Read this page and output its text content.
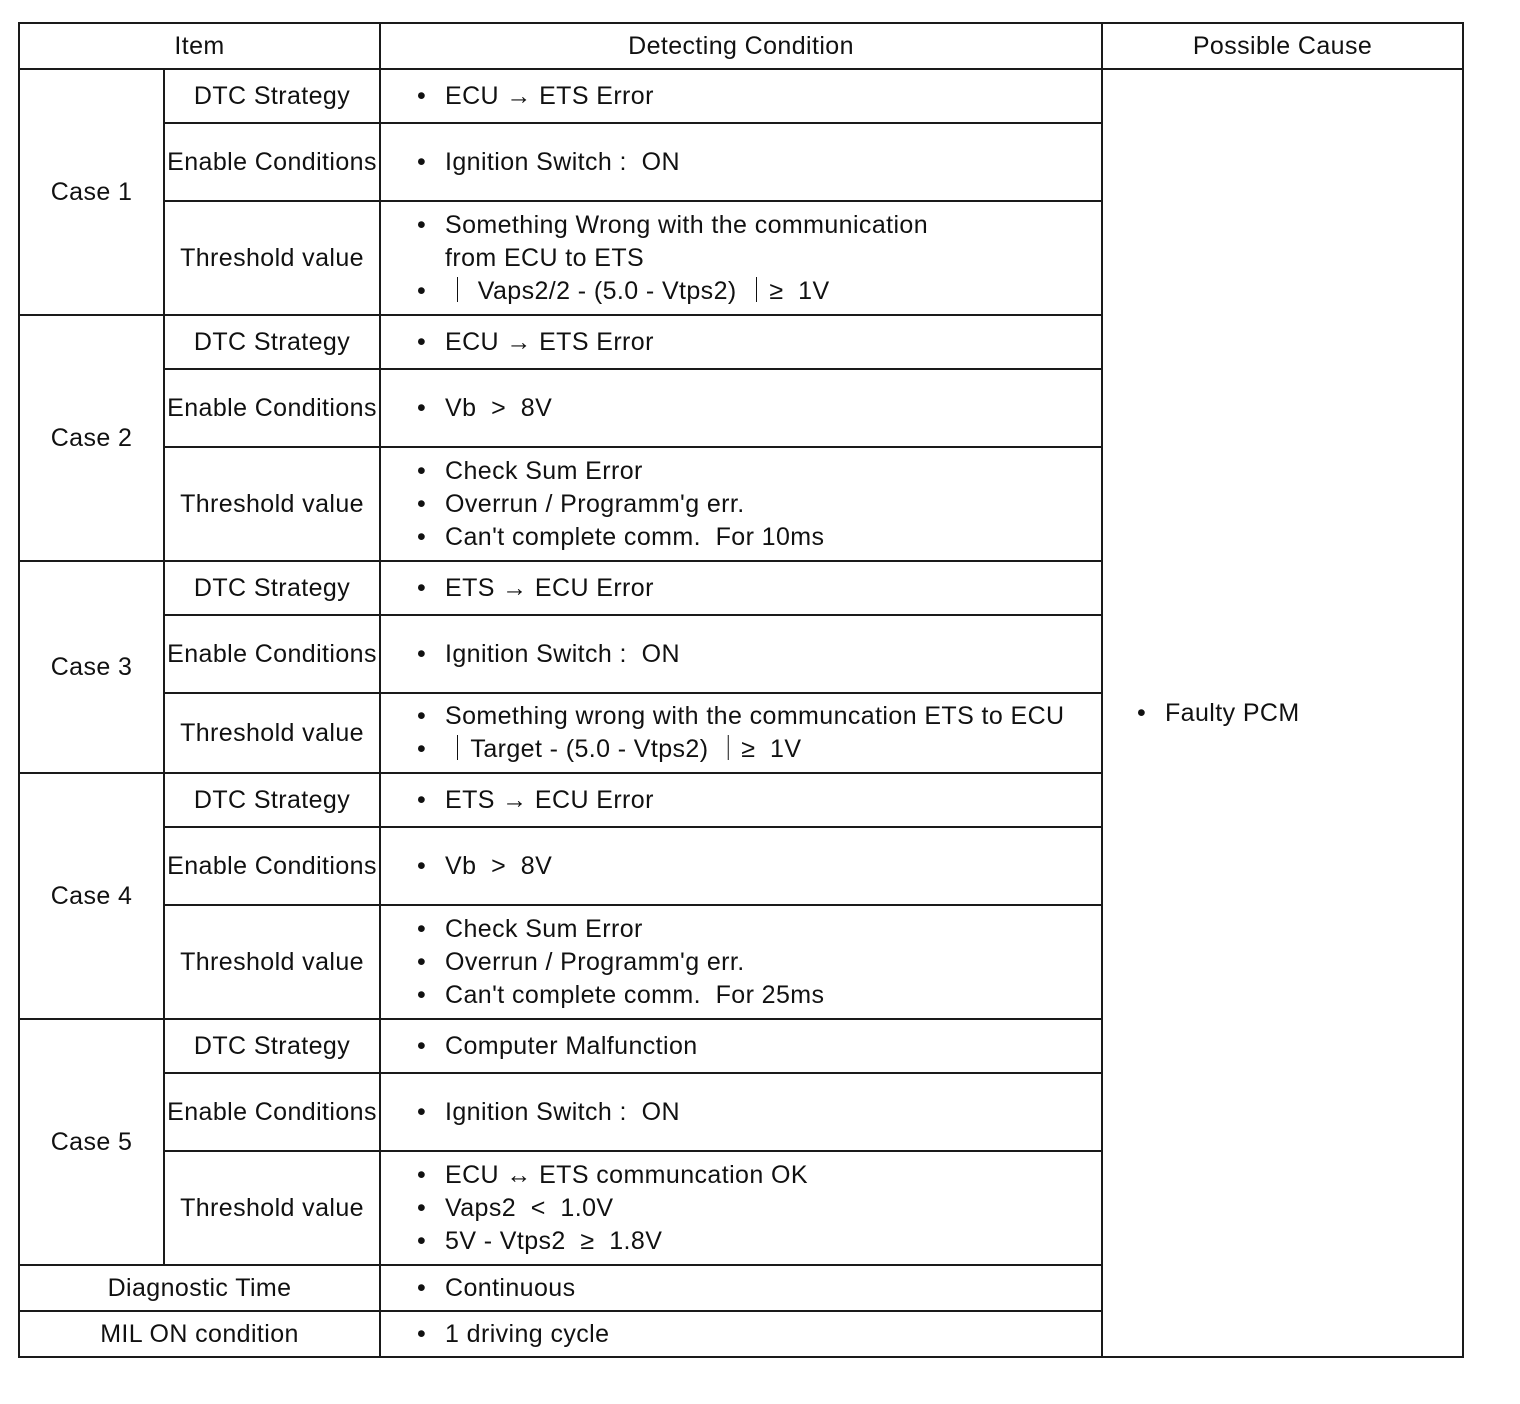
Item		Detecting Condition	Possible Cause
Case 1	DTC Strategy	• ECU → ETS Error	• Faulty PCM

	Enable Conditions	• Ignition Switch :  ON	

	Threshold value	• Something Wrong with the communication
from ECU to ETS
• ｜ Vaps2/2 - (5.0 - Vtps2) ｜≥  1V	

Case 2	DTC Strategy	• ECU → ETS Error	

	Enable Conditions	• Vb  >  8V	

	Threshold value	• Check Sum Error
• Overrun / Programm'g err.
• Can't complete comm.  For 10ms	

Case 3	DTC Strategy	• ETS → ECU Error	

	Enable Conditions	• Ignition Switch :  ON	

	Threshold value	• Something wrong with the communcation ETS to ECU
• ｜Target - (5.0 - Vtps2) ｜≥  1V	

Case 4	DTC Strategy	• ETS → ECU Error	

	Enable Conditions	• Vb  >  8V	

	Threshold value	• Check Sum Error
• Overrun / Programm'g err.
• Can't complete comm.  For 25ms	

Case 5	DTC Strategy	• Computer Malfunction	

	Enable Conditions	• Ignition Switch :  ON	

	Threshold value	• ECU ↔ ETS communcation OK
• Vaps2  <  1.0V
• 5V - Vtps2  ≥  1.8V	

Diagnostic Time		• Continuous	

MIL ON condition		• 1 driving cycle	
